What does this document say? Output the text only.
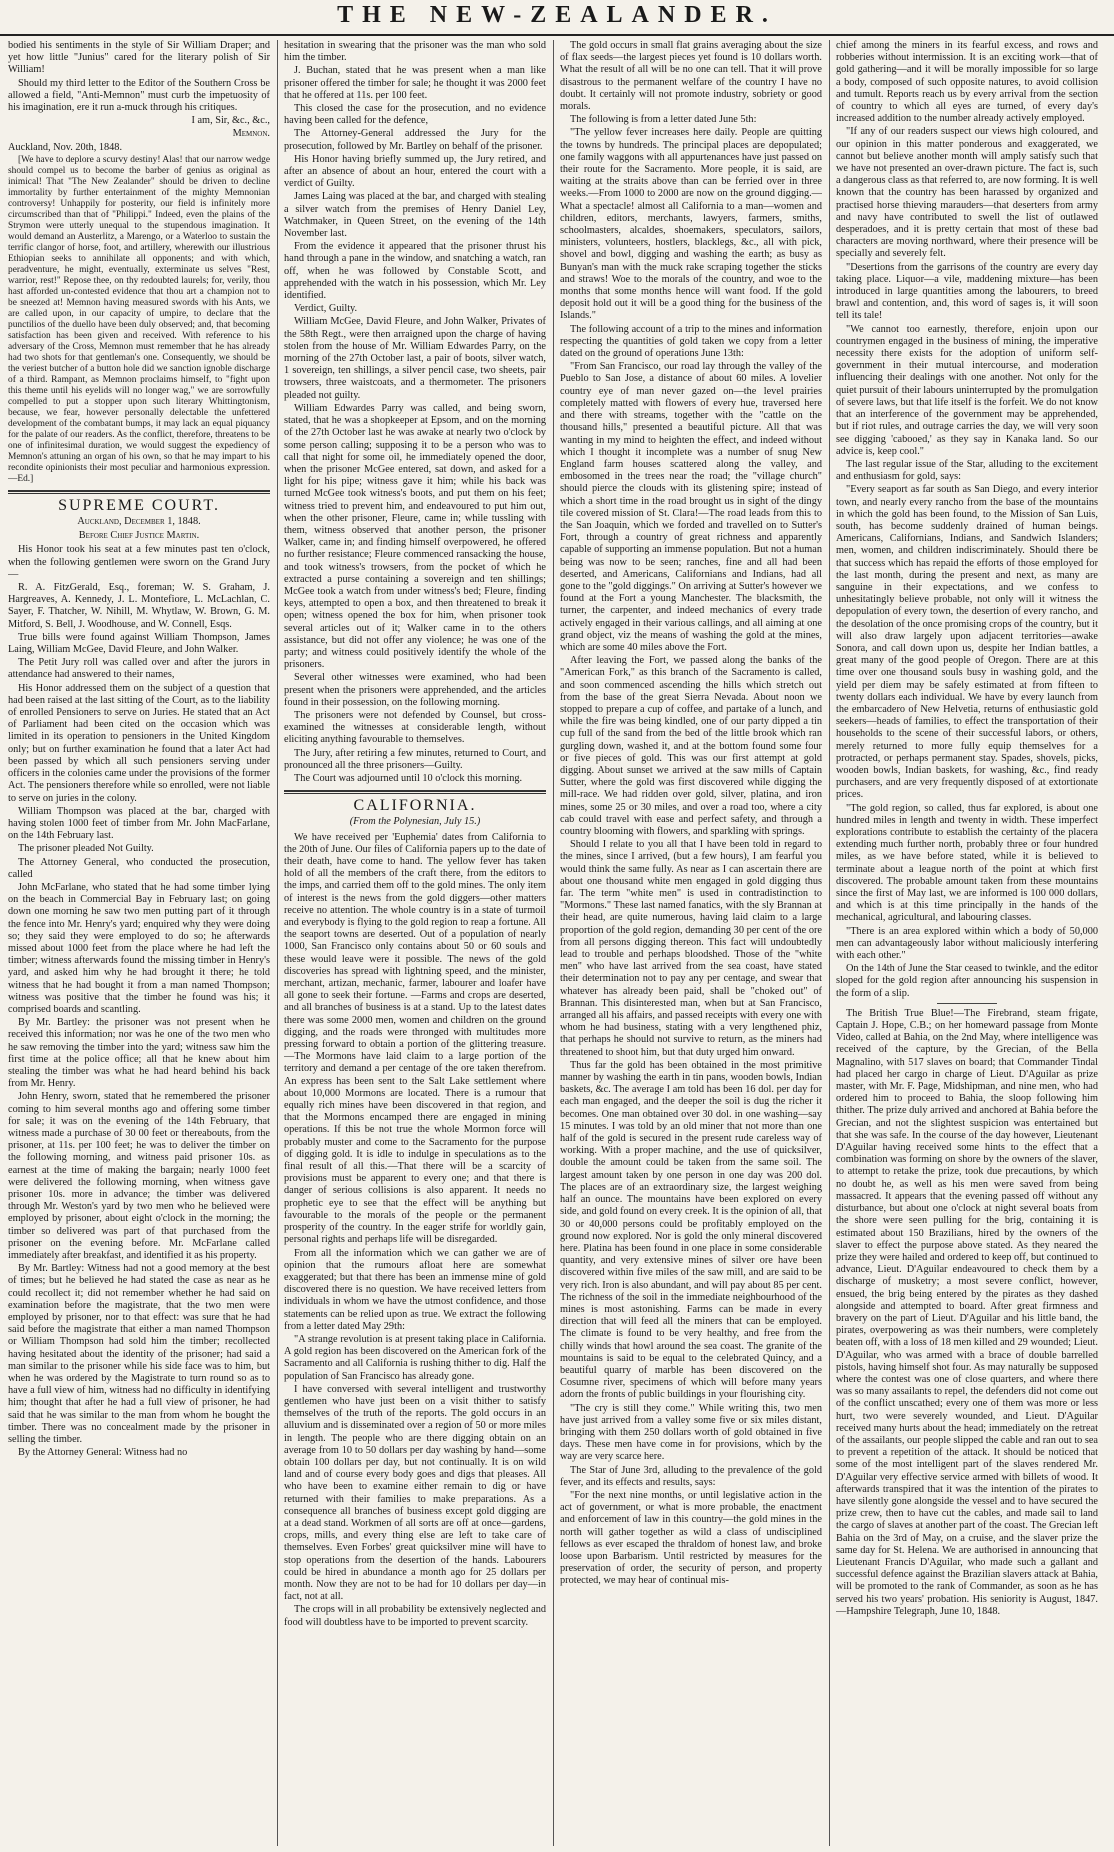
THE NEW-ZEALANDER.

bodied his sentiments in the style of Sir William Draper; and yet how little "Junius" cared for the literary polish of Sir William!

Should my third letter to the Editor of the Southern Cross be allowed a field, "Anti-Memnon" must curb the impetuosity of his imagination, ere it run a-muck through his critiques.

I am, Sir, &c., &c.,

Memnon.

Auckland, Nov. 20th, 1848.

[We have to deplore a scurvy destiny! Alas! that our narrow wedge should compel us to become the barber of genius as original as inimical! That "The New Zealander" should be driven to decline immortality by further entertainment of the mighty Memnonian controversy! Unhappily for posterity, our field is infinitely more circumscribed than that of "Philippi." Indeed, even the plains of the Strymon were utterly unequal to the stupendous imagination. It would demand an Austerlitz, a Marengo, or a Waterloo to sustain the terrific clangor of horse, foot, and artillery, wherewith our illustrious Ethiopian seeks to annihilate all opponents; and with which, peradventure, he might, eventually, exterminate us selves "Rest, warrior, rest!" Repose thee, on thy redoubted laurels; for, verily, thou hast afforded un-contested evidence that thou art a champion not to be sneezed at! Memnon having measured swords with his Ants, we are called upon, in our capacity of umpire, to declare that the punctilios of the duello have been duly observed; and, that becoming satisfaction has been given and received. With reference to his adversary of the Cross, Memnon must remember that he has already had two shots for that gentleman's one. Consequently, we should be the veriest butcher of a button hole did we sanction ignoble discharge of a third. Rampant, as Memnon proclaims himself, to "fight upon this theme until his eyelids will no longer wag," we are sorrowfully compelled to put a stopper upon such literary Whittingtonism, because, we fear, however personally delectable the unfettered development of the combatant bumps, it may lack an equal piquancy for the palate of our readers. As the conflict, therefore, threatens to be one of infinitesimal duration, we would suggest the expediency of Memnon's attuning an organ of his own, so that he may impart to his recondite opinionists their most peculiar and harmonious expression.—Ed.]

SUPREME COURT.

Auckland, December 1, 1848.

Before Chief Justice Martin.

His Honor took his seat at a few minutes past ten o'clock, when the following gentlemen were sworn on the Grand Jury—

R. A. FitzGerald, Esq., foreman; W. S. Graham, J. Hargreaves, A. Kennedy, J. L. Montefiore, L. McLachlan, C. Sayer, F. Thatcher, W. Nihill, M. Whytlaw, W. Brown, G. M. Mitford, S. Bell, J. Woodhouse, and W. Connell, Esqs.

True bills were found against William Thompson, James Laing, William McGee, David Fleure, and John Walker.

The Petit Jury roll was called over and after the jurors in attendance had answered to their names,

His Honor addressed them on the subject of a question that had been raised at the last sitting of the Court, as to the liability of enrolled Pensioners to serve on Juries. He stated that an Act of Parliament had been cited on the occasion which was limited in its operation to pensioners in the United Kingdom only; but on further examination he found that a later Act had been passed by which all such pensioners serving under officers in the colonies came under the provisions of the former Act. The pensioners therefore while so enrolled, were not liable to serve on juries in the colony.

William Thompson was placed at the bar, charged with having stolen 1000 feet of timber from Mr. John MacFarlane, on the 14th February last.

The prisoner pleaded Not Guilty.

The Attorney General, who conducted the prosecution, called

John McFarlane, who stated that he had some timber lying on the beach in Commercial Bay in February last; on going down one morning he saw two men putting part of it through the fence into Mr. Henry's yard; enquired why they were doing so; they said they were employed to do so; he afterwards missed about 1000 feet from the place where he had left the timber; witness afterwards found the missing timber in Henry's yard, and asked him why he had brought it there; he told witness that he had bought it from a man named Thompson; witness was positive that the timber he found was his; it comprised boards and scantling.

By Mr. Bartley: the prisoner was not present when he received this information; nor was he one of the two men who he saw removing the timber into the yard; witness saw him the first time at the police office; all that he knew about him stealing the timber was what he had heard behind his back from Mr. Henry.

John Henry, sworn, stated that he remembered the prisoner coming to him several months ago and offering some timber for sale; it was on the evening of the 14th February, that witness made a purchase of 30 00 feet or thereabouts, from the prisoner, at 11s. per 100 feet; he was to deliver the timber on the following morning, and witness paid prisoner 10s. as earnest at the time of making the bargain; nearly 1000 feet were delivered the following morning, when witness gave prisoner 10s. more in advance; the timber was delivered through Mr. Weston's yard by two men who he believed were employed by prisoner, about eight o'clock in the morning; the timber so delivered was part of that purchased from the prisoner on the evening before. Mr. McFarlane called immediately after breakfast, and identified it as his property.

By Mr. Bartley: Witness had not a good memory at the best of times; but he believed he had stated the case as near as he could recollect it; did not remember whether he had said on examination before the magistrate, that the two men were employed by prisoner, nor to that effect: was sure that he had said before the magistrate that either a man named Thompson or William Thompson had sold him the timber; recollected having hesitated about the identity of the prisoner; had said a man similar to the prisoner while his side face was to him, but when he was ordered by the Magistrate to turn round so as to have a full view of him, witness had no difficulty in identifying him; thought that after he had a full view of prisoner, he had said that he was similar to the man from whom he bought the timber. There was no concealment made by the prisoner in selling the timber.

By the Attorney General: Witness had no

hesitation in swearing that the prisoner was the man who sold him the timber.

J. Buchan, stated that he was present when a man like prisoner offered the timber for sale; he thought it was 2000 feet that he offered at 11s. per 100 feet.

This closed the case for the prosecution, and no evidence having been called for the defence,

The Attorney-General addressed the Jury for the prosecution, followed by Mr. Bartley on behalf of the prisoner.

His Honor having briefly summed up, the Jury retired, and after an absence of about an hour, entered the court with a verdict of Guilty.

James Laing was placed at the bar, and charged with stealing a silver watch from the premises of Henry Daniel Ley, Watchmaker, in Queen Street, on the evening of the 14th November last.

From the evidence it appeared that the prisoner thrust his hand through a pane in the window, and snatching a watch, ran off, when he was followed by Constable Scott, and apprehended with the watch in his possession, which Mr. Ley identified.

Verdict, Guilty.

William McGee, David Fleure, and John Walker, Privates of the 58th Regt., were then arraigned upon the charge of having stolen from the house of Mr. William Edwardes Parry, on the morning of the 27th October last, a pair of boots, silver watch, 1 sovereign, ten shillings, a silver pencil case, two sheets, pair trowsers, three waistcoats, and a thermometer. The prisoners pleaded not guilty.

William Edwardes Parry was called, and being sworn, stated, that he was a shopkeeper at Epsom, and on the morning of the 27th October last he was awake at nearly two o'clock by some person calling; supposing it to be a person who was to call that night for some oil, he immediately opened the door, when the prisoner McGee entered, sat down, and asked for a light for his pipe; witness gave it him; while his back was turned McGee took witness's boots, and put them on his feet; witness tried to prevent him, and endeavoured to put him out, when the other prisoner, Fleure, came in; while tussling with them, witness observed that another person, the prisoner Walker, came in; and finding himself overpowered, he offered no further resistance; Fleure commenced ransacking the house, and took witness's trowsers, from the pocket of which he extracted a purse containing a sovereign and ten shillings; McGee took a watch from under witness's bed; Fleure, finding keys, attempted to open a box, and then threatened to break it open; witness opened the box for him, when prisoner took several articles out of it; Walker came in to the others assistance, but did not offer any violence; he was one of the party; and witness could positively identify the whole of the prisoners.

Several other witnesses were examined, who had been present when the prisoners were apprehended, and the articles found in their possession, on the following morning.

The prisoners were not defended by Counsel, but cross-examined the witnesses at considerable length, without eliciting anything favourable to themselves.

The Jury, after retiring a few minutes, returned to Court, and pronounced all the three prisoners—Guilty.

The Court was adjourned until 10 o'clock this morning.

CALIFORNIA.

(From the Polynesian, July 15.)

We have received per 'Euphemia' dates from California to the 20th of June. Our files of California papers up to the date of their death, have come to hand. The yellow fever has taken hold of all the members of the craft there, from the editors to the imps, and carried them off to the gold mines. The only item of interest is the news from the gold diggers—other matters receive no attention. The whole country is in a state of turmoil and everybody is flying to the gold region to reap a fortune. All the seaport towns are deserted. Out of a population of nearly 1000, San Francisco only contains about 50 or 60 souls and these would leave were it possible. The news of the gold discoveries has spread with lightning speed, and the minister, merchant, artizan, mechanic, farmer, labourer and loafer have all gone to seek their fortune. —Farms and crops are deserted, and all branches of business is at a stand. Up to the latest dates there was some 2000 men, women and children on the ground digging, and the roads were thronged with multitudes more pressing forward to obtain a portion of the glittering treasure.—The Mormons have laid claim to a large portion of the territory and demand a per centage of the ore taken therefrom. An express has been sent to the Salt Lake settlement where about 10,000 Mormons are located. There is a rumour that equally rich mines have been discovered in that region, and that the Mormons encamped there are engaged in mining operations. If this be not true the whole Mormon force will probably muster and come to the Sacramento for the purpose of digging gold. It is idle to indulge in speculations as to the final result of all this.—That there will be a scarcity of provisions must be apparent to every one; and that there is danger of serious collisions is also apparent. It needs no prophetic eye to see that the effect will be anything but favourable to the morals of the people or the permanent prosperity of the country. In the eager strife for worldly gain, personal rights and perhaps life will be disregarded.

From all the information which we can gather we are of opinion that the rumours afloat here are somewhat exaggerated; but that there has been an immense mine of gold discovered there is no question. We have received letters from individuals in whom we have the utmost confidence, and those statements can be relied upon as true. We extract the following from a letter dated May 29th:

"A strange revolution is at present taking place in California. A gold region has been discovered on the American fork of the Sacramento and all California is rushing thither to dig. Half the population of San Francisco has already gone.

I have conversed with several intelligent and trustworthy gentlemen who have just been on a visit thither to satisfy themselves of the truth of the reports. The gold occurs in an alluvium and is disseminated over a region of 50 or more miles in length. The people who are there digging obtain on an average from 10 to 50 dollars per day washing by hand—some obtain 100 dollars per day, but not continually. It is on wild land and of course every body goes and digs that pleases. All who have been to examine either remain to dig or have returned with their families to make preparations. As a consequence all branches of business except gold digging are at a dead stand. Workmen of all sorts are off at once—gardens, crops, mills, and every thing else are left to take care of themselves. Even Forbes' great quicksilver mine will have to stop operations from the desertion of the hands. Labourers could be hired in abundance a month ago for 25 dollars per month. Now they are not to be had for 10 dollars per day—in fact, not at all.

The crops will in all probability be extensively neglected and food will doubtless have to be imported to prevent scarcity.

The gold occurs in small flat grains averaging about the size of flax seeds—the largest pieces yet found is 10 dollars worth. What the result of all will be no one can tell. That it will prove disastrous to the permanent welfare of the country I have no doubt. It certainly will not promote industry, sobriety or good morals.

The following is from a letter dated June 5th:

"The yellow fever increases here daily. People are quitting the towns by hundreds. The principal places are depopulated; one family waggons with all appurtenances have just passed on their route for the Sacramento. More people, it is said, are waiting at the straits above than can be ferried over in three weeks.—From 1000 to 2000 are now on the ground digging.—What a spectacle! almost all California to a man—women and children, editors, merchants, lawyers, farmers, smiths, schoolmasters, alcaldes, shoemakers, speculators, sailors, ministers, volunteers, hostlers, blacklegs, &c., all with pick, shovel and bowl, digging and washing the earth; as busy as Bunyan's man with the muck rake scraping together the sticks and straws! Woe to the morals of the country, and woe to the months that some months hence will want food. If the gold deposit hold out it will be a good thing for the business of the Islands."

The following account of a trip to the mines and information respecting the quantities of gold taken we copy from a letter dated on the ground of operations June 13th:

"From San Francisco, our road lay through the valley of the Pueblo to San Jose, a distance of about 60 miles. A lovelier country eye of man never gazed on—the level prairies completely matted with flowers of every hue, traversed here and there with streams, together with the "cattle on the thousand hills," presented a beautiful picture. All that was wanting in my mind to heighten the effect, and indeed without which I thought it incomplete was a number of snug New England farm houses scattered along the valley, and embosomed in the trees near the road; the "village church" should pierce the clouds with its glistening spire; instead of which a short time in the road brought us in sight of the dingy tile covered mission of St. Clara!—The road leads from this to the San Joaquin, which we forded and travelled on to Sutter's Fort, through a country of great richness and apparently capable of supporting an immense population. But not a human being was now to be seen; ranches, fine and all had been deserted, and Americans, Californians and Indians, had all gone to the "gold diggings." On arriving at Sutter's however we found at the Fort a young Manchester. The blacksmith, the turner, the carpenter, and indeed mechanics of every trade actively engaged in their various callings, and all aiming at one grand object, viz the means of washing the gold at the mines, which are some 40 miles above the Fort.

After leaving the Fort, we passed along the banks of the "American Fork," as this branch of the Sacramento is called, and soon commenced ascending the hills which stretch out from the base of the great Sierra Nevada. About noon we stopped to prepare a cup of coffee, and partake of a lunch, and while the fire was being kindled, one of our party dipped a tin cup full of the sand from the bed of the little brook which ran gurgling down, washed it, and at the bottom found some four or five pieces of gold. This was our first attempt at gold digging. About sunset we arrived at the saw mills of Captain Sutter, where the gold was first discovered while digging the mill-race. We had ridden over gold, silver, platina, and iron mines, some 25 or 30 miles, and over a road too, where a city cab could travel with ease and perfect safety, and through a country blooming with flowers, and sparkling with springs.

Should I relate to you all that I have been told in regard to the mines, since I arrived, (but a few hours), I am fearful you would think the same fully. As near as I can ascertain there are about one thousand white men engaged in gold digging thus far. The term "white men" is used in contradistinction to "Mormons." These last named fanatics, with the sly Brannan at their head, are quite numerous, having laid claim to a large proportion of the gold region, demanding 30 per cent of the ore from all persons digging thereon. This fact will undoubtedly lead to trouble and perhaps bloodshed. Those of the "white men" who have last arrived from the sea coast, have stated their determination not to pay any per centage, and swear that whatever has already been paid, shall be "choked out" of Brannan. This disinterested man, when but at San Francisco, arranged all his affairs, and passed receipts with every one with whom he had business, stating with a very lengthened phiz, that perhaps he should not survive to return, as the miners had threatened to shoot him, but that duty urged him onward.

Thus far the gold has been obtained in the most primitive manner by washing the earth in tin pans, wooden bowls, Indian baskets, &c. The average I am told has been 16 dol. per day for each man engaged, and the deeper the soil is dug the richer it becomes. One man obtained over 30 dol. in one washing—say 15 minutes. I was told by an old miner that not more than one half of the gold is secured in the present rude careless way of working. With a proper machine, and the use of quicksilver, double the amount could be taken from the same soil. The largest amount taken by one person in one day was 200 dol. The places are of an extraordinary size, the largest weighing half an ounce. The mountains have been explored on every side, and gold found on every creek. It is the opinion of all, that 30 or 40,000 persons could be profitably employed on the ground now explored. Nor is gold the only mineral discovered here. Platina has been found in one place in some considerable quantity, and very extensive mines of silver ore have been discovered within five miles of the saw mill, and are said to be very rich. Iron is also abundant, and will pay about 85 per cent. The richness of the soil in the immediate neighbourhood of the mines is most astonishing. Farms can be made in every direction that will feed all the miners that can be employed. The climate is found to be very healthy, and free from the chilly winds that howl around the sea coast. The granite of the mountains is said to be equal to the celebrated Quincy, and a beautiful quarry of marble has been discovered on the Cosumne river, specimens of which will before many years adorn the fronts of public buildings in your flourishing city.

"The cry is still they come." While writing this, two men have just arrived from a valley some five or six miles distant, bringing with them 250 dollars worth of gold obtained in five days. These men have come in for provisions, which by the way are very scarce here.

The Star of June 3rd, alluding to the prevalence of the gold fever, and its effects and results, says:

"For the next nine months, or until legislative action in the act of government, or what is more probable, the enactment and enforcement of law in this country—the gold mines in the north will gather together as wild a class of undisciplined fellows as ever escaped the thraldom of honest law, and broke loose upon Barbarism. Until restricted by measures for the preservation of order, the security of person, and property protected, we may hear of continual mis-

chief among the miners in its fearful excess, and rows and robberies without intermission. It is an exciting work—that of gold gathering—and it will be morally impossible for so large a body, composed of such opposite natures, to avoid collision and tumult. Reports reach us by every arrival from the section of country to which all eyes are turned, of every day's increased addition to the number already actively employed.

"If any of our readers suspect our views high coloured, and our opinion in this matter ponderous and exaggerated, we cannot but believe another month will amply satisfy such that we have not presented an over-drawn picture. The fact is, such a dangerous class as that referred to, are now forming. It is well known that the country has been harassed by organized and practised horse thieving marauders—that deserters from army and navy have contributed to swell the list of outlawed desperadoes, and it is pretty certain that most of these bad characters are moving northward, where their presence will be specially and severely felt.

"Desertions from the garrisons of the country are every day taking place. Liquor—a vile, maddening mixture—has been introduced in large quantities among the labourers, to breed brawl and contention, and, this word of sages is, it will soon tell its tale!

"We cannot too earnestly, therefore, enjoin upon our countrymen engaged in the business of mining, the imperative necessity there exists for the adoption of uniform self-government in their mutual intercourse, and moderation influencing their dealings with one another. Not only for the quiet pursuit of their labours uninterrupted by the promulgation of severe laws, but that life itself is the forfeit. We do not know that an interference of the government may be apprehended, but if riot rules, and outrage carries the day, we will very soon see digging 'cabooed,' as they say in Kanaka land. So our advice is, keep cool."

The last regular issue of the Star, alluding to the excitement and enthusiasm for gold, says:

"Every seaport as far south as San Diego, and every interior town, and nearly every rancho from the base of the mountains in which the gold has been found, to the Mission of San Luis, south, has become suddenly drained of human beings. Americans, Californians, Indians, and Sandwich Islanders; men, women, and children indiscriminately. Should there be that success which has repaid the efforts of those employed for the last month, during the present and next, as many are sanguine in their expectations, and we confess to unhesitatingly believe probable, not only will it witness the depopulation of every town, the desertion of every rancho, and the desolation of the once promising crops of the country, but it will also draw largely upon adjacent territories—awake Sonora, and call down upon us, despite her Indian battles, a great many of the good people of Oregon. There are at this time over one thousand souls busy in washing gold, and the yield per diem may be safely estimated at from fifteen to twenty dollars each individual. We have by every launch from the embarcadero of New Helvetia, returns of enthusiastic gold seekers—heads of families, to effect the transportation of their households to the scene of their successful labors, or others, merely returned to more fully equip themselves for a protracted, or perhaps permanent stay. Spades, shovels, picks, wooden bowls, Indian baskets, for washing, &c., find ready purchasers, and are very frequently disposed of at extortionate prices.

"The gold region, so called, thus far explored, is about one hundred miles in length and twenty in width. These imperfect explorations contribute to establish the certainty of the placera extending much further north, probably three or four hundred miles, as we have before stated, while it is believed to terminate about a league north of the point at which first discovered. The probable amount taken from these mountains since the first of May last, we are informed is 100 000 dollars, and which is at this time principally in the hands of the mechanical, agricultural, and labouring classes.

"There is an area explored within which a body of 50,000 men can advantageously labor without maliciously interfering with each other."

On the 14th of June the Star ceased to twinkle, and the editor sloped for the gold region after announcing his suspension in the form of a slip.

The British True Blue!—The Firebrand, steam frigate, Captain J. Hope, C.B.; on her homeward passage from Monte Video, called at Bahia, on the 2nd May, where intelligence was received of the capture, by the Grecian, of the Bella Magnalino, with 517 slaves on board; that Commander Tindal had placed her cargo in charge of Lieut. D'Aguilar as prize master, with Mr. F. Page, Midshipman, and nine men, who had ordered him to proceed to Bahia, the sloop following him thither. The prize duly arrived and anchored at Bahia before the Grecian, and not the slightest suspicion was entertained but that she was safe. In the course of the day however, Lieutenant D'Aguilar having received some hints to the effect that a combination was forming on shore by the owners of the slaver, to attempt to retake the prize, took due precautions, by which no doubt he, as well as his men were saved from being massacred. It appears that the evening passed off without any disturbance, but about one o'clock at night several boats from the shore were seen pulling for the brig, containing it is estimated about 150 Brazilians, hired by the owners of the slaver to effect the purpose above stated. As they neared the prize they were hailed and ordered to keep off, but continued to advance, Lieut. D'Aguilar endeavoured to check them by a discharge of musketry; a most severe conflict, however, ensued, the brig being entered by the pirates as they dashed alongside and attempted to board. After great firmness and bravery on the part of Lieut. D'Aguilar and his little band, the pirates, overpowering as was their numbers, were completely beaten off, with a loss of 18 men killed and 29 wounded; Lieut. D'Aguilar, who was armed with a brace of double barrelled pistols, having himself shot four. As may naturally be supposed where the contest was one of close quarters, and where there was so many assailants to repel, the defenders did not come out of the conflict unscathed; every one of them was more or less hurt, two were severely wounded, and Lieut. D'Aguilar received many hurts about the head; immediately on the retreat of the assailants, our people slipped the cable and ran out to sea to prevent a repetition of the attack. It should be noticed that some of the most intelligent part of the slaves rendered Mr. D'Aguilar very effective service armed with billets of wood. It afterwards transpired that it was the intention of the pirates to have silently gone alongside the vessel and to have secured the prize crew, then to have cut the cables, and made sail to land the cargo of slaves at another part of the coast. The Grecian left Bahia on the 3rd of May, on a cruise, and the slaver prize the same day for St. Helena. We are authorised in announcing that Lieutenant Francis D'Aguilar, who made such a gallant and successful defence against the Brazilian slavers attack at Bahia, will be promoted to the rank of Commander, as soon as he has served his two years' probation. His seniority is August, 1847.—Hampshire Telegraph, June 10, 1848.
